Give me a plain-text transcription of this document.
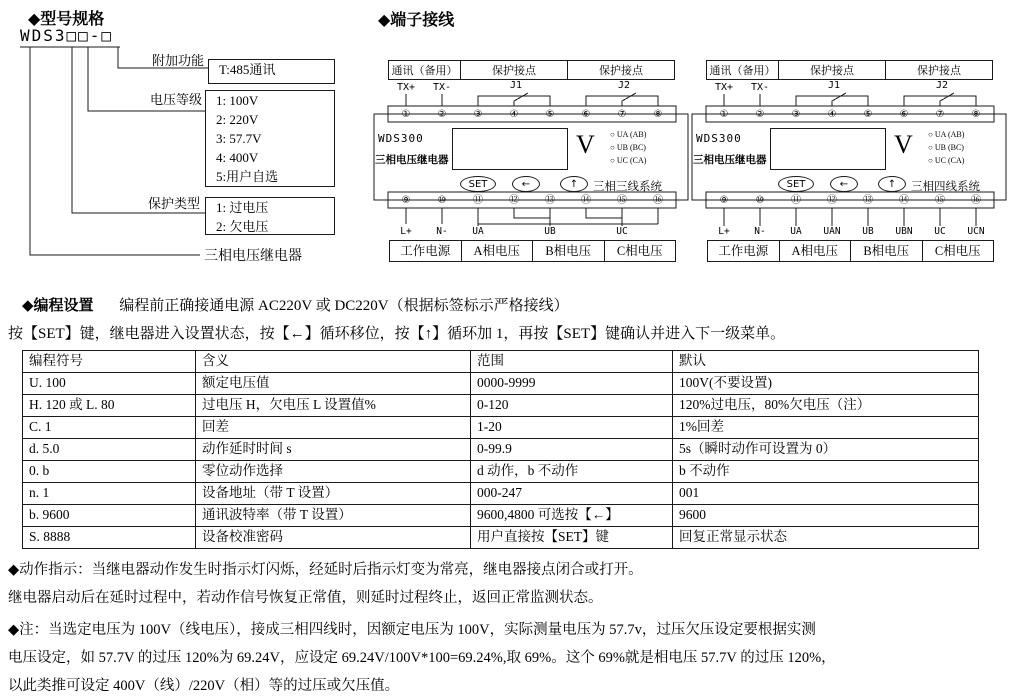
◆型号规格	◆端子接线
WDS3□□-□
附加功能
电压等级
保护类型
三相电压继电器
T:485通讯
1: 100V
2: 220V
3: 57.7V
4: 400V
5:用户自选
1: 过电压
2: 欠电压
通讯（备用）	保护接点	保护接点
TX+ TX-	J1	J2
①	②	③	④	⑤	⑥	⑦	⑧
WDS300
三相电压继电器
V ○ UA (AB)
○ UB (BC)
○ UC (CA)
SET	←	↑	三相三线系统
⑨	⑩	⑪	⑫	⑬	⑭	⑮	⑯
L+	N-	UA	UB	UC
工作电源	A相电压	B相电压	C相电压
通讯（备用）	保护接点	保护接点
TX+ TX-	J1	J2
①	②	③	④	⑤	⑥	⑦	⑧
WDS300
三相电压继电器
V ○ UA (AB)
○ UB (BC)
○ UC (CA)
SET	←	↑	三相四线系统
⑨	⑩	⑪	⑫	⑬	⑭	⑮	⑯
L+	N-	UA UAN UB UBN UC UCN
工作电源	A相电压	B相电压	C相电压
◆编程设置 编程前正确接通电源 AC220V 或 DC220V（根据标签标示严格接线）
按【SET】键，继电器进入设置状态，按【←】循环移位，按【↑】循环加 1，再按【SET】键确认并进入下一级菜单。
编程符号	含义	范围	默认
U. 100	额定电压值	0000-9999	100V(不要设置)
H. 120 或 L. 80	过电压 H，欠电压 L 设置值%	0-120	120%过电压，80%欠电压（注）
C. 1	回差	1-20	1%回差
d. 5.0	动作延时时间 s	0-99.9	5s（瞬时动作可设置为 0）
0. b	零位动作选择	d 动作，b 不动作	b 不动作
n. 1	设备地址（带 T 设置）	000-247	001
b. 9600	通讯波特率（带 T 设置）	9600,4800 可选按【←】	9600
S. 8888	设备校准密码	用户直接按【SET】键	回复正常显示状态
◆动作指示：当继电器动作发生时指示灯闪烁，经延时后指示灯变为常亮，继电器接点闭合或打开。
继电器启动后在延时过程中，若动作信号恢复正常值，则延时过程终止，返回正常监测状态。
◆注：当选定电压为 100V（线电压），接成三相四线时，因额定电压为 100V，实际测量电压为 57.7v，过压欠压设定要根据实测
电压设定，如 57.7V 的过压 120%为 69.24V，应设定 69.24V/100V*100=69.24%,取 69%。这个 69%就是相电压 57.7V 的过压 120%，
以此类推可设定 400V（线）/220V（相）等的过压或欠压值。
